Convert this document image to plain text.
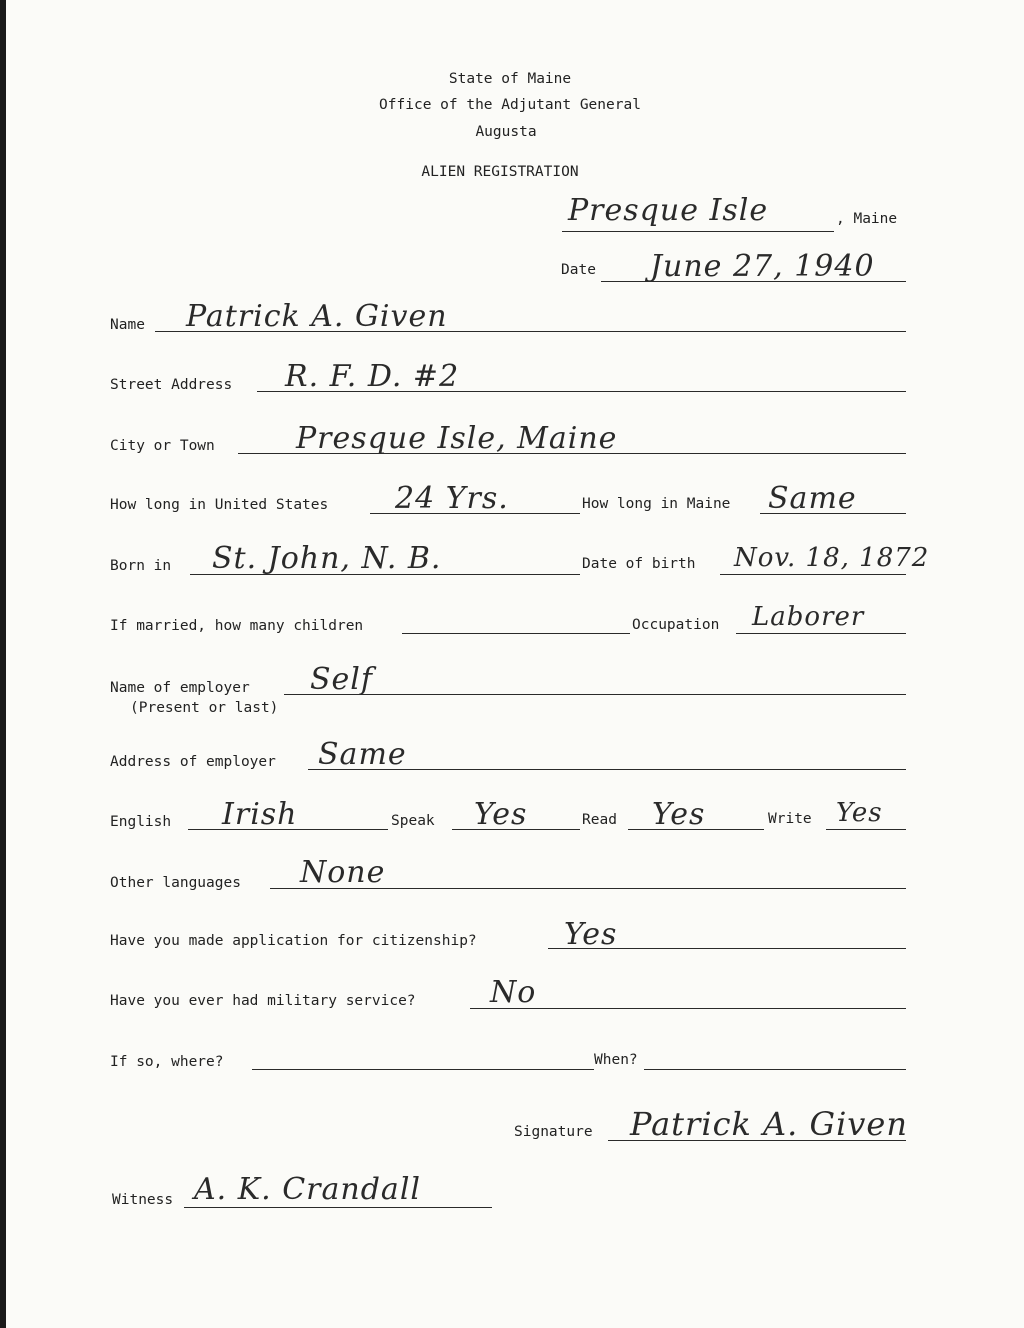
State of Maine
Office of the Adjutant General
Augusta
ALIEN REGISTRATION
Presque Isle	, Maine
Date June 27, 1940
Name Patrick A. Given
Street Address R. F. D. #2
City or Town	Presque Isle, Maine
How long in United States 24 Yrs.	How long in Maine Same
Born in St. John, N. B.	Date of birth Nov. 18, 1872
If married, how many children	Occupation Laborer
Name of employer
(Present or last)
Self
Address of employer Same
English Irish	Speak Yes	Read Yes	Write Yes
Other languages None
Have you made application for citizenship?	Yes
Have you ever had military service? No
If so, where?	When?
Signature Patrick A. Given
Witness A. K. Crandall
